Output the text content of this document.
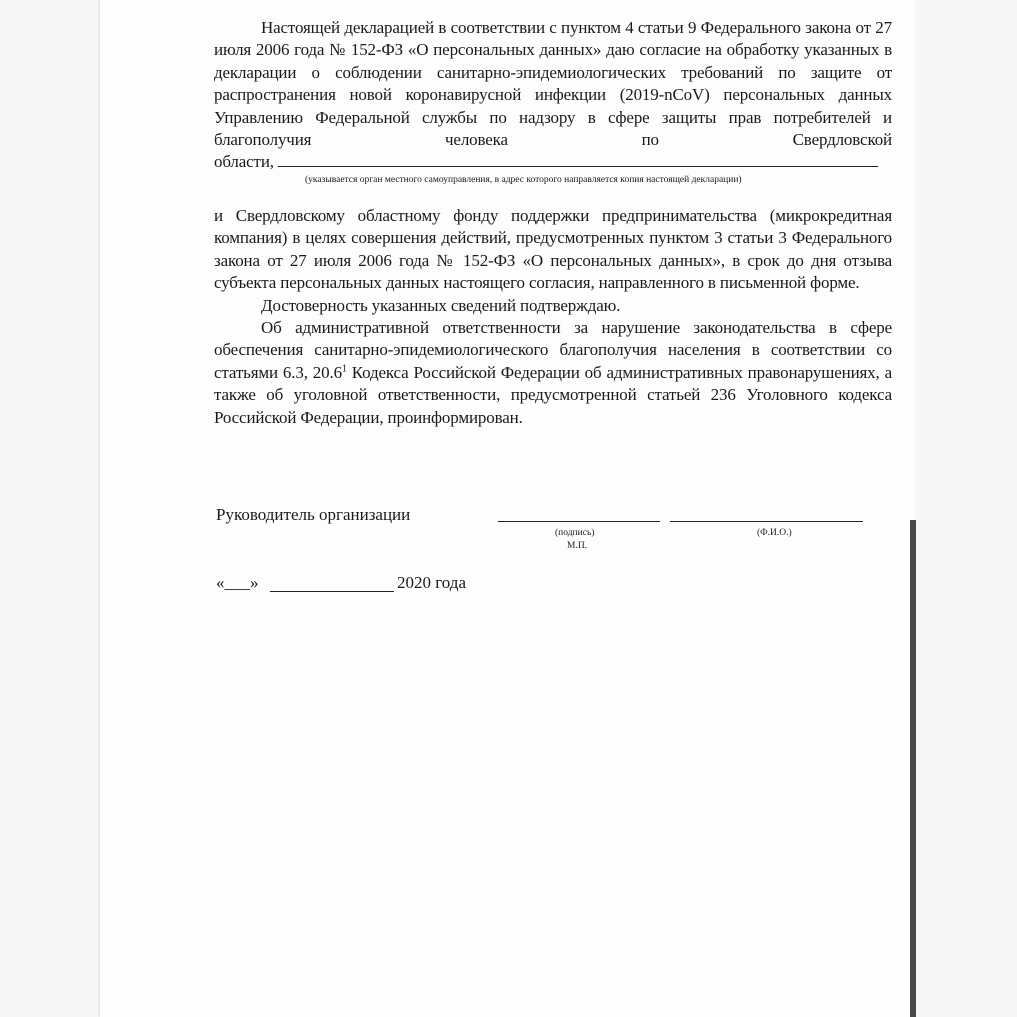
Настоящей декларацией в соответствии с пунктом 4 статьи 9 Федерального закона от 27 июля 2006 года № 152-ФЗ «О персональных данных» даю согласие на обработку указанных в декларации о соблюдении санитарно-эпидемиологических требований по защите от распространения новой коронавирусной инфекции (2019-nCoV) персональных данных Управлению Федеральной службы по надзору в сфере защиты прав потребителей и благополучия человека по Свердловской

области,

(указывается орган местного самоуправления, в адрес которого направляется копия настоящей декларации)

и Свердловскому областному фонду поддержки предпринимательства (микрокредитная компания) в целях совершения действий, предусмотренных пунктом 3 статьи 3 Федерального закона от 27 июля 2006 года № 152-ФЗ «О персональных данных», в срок до дня отзыва субъекта персональных данных настоящего согласия, направленного в письменной форме.

Достоверность указанных сведений подтверждаю.

Об административной ответственности за нарушение законодательства в сфере обеспечения санитарно-эпидемиологического благополучия населения в соответствии со статьями 6.3, 20.6$^1$ Кодекса Российской Федерации об административных правонарушениях, а также об уголовной ответственности, предусмотренной статьей 236 Уголовного кодекса Российской Федерации, проинформирован.

Руководитель организации
(подпись)
М.П.
(Ф.И.О.)
«___»	2020 года
